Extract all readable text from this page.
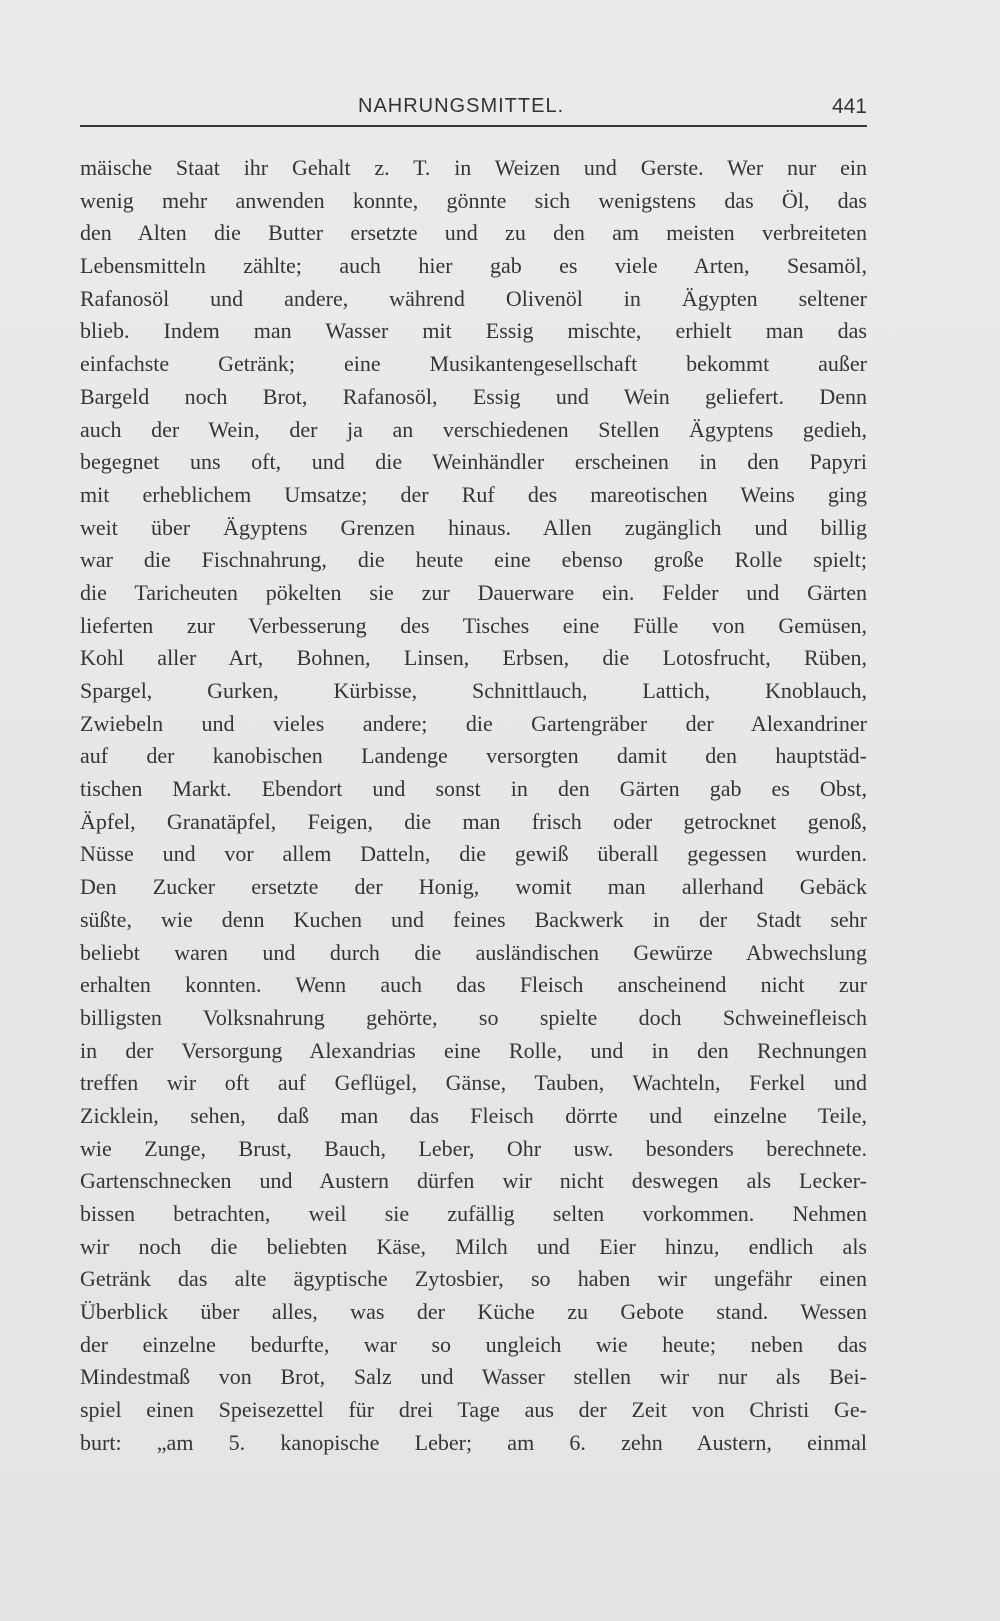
NAHRUNGSMITTEL.	441
mäische Staat ihr Gehalt z. T. in Weizen und Gerste. Wer nur ein
wenig mehr anwenden konnte, gönnte sich wenigstens das Öl, das
den Alten die Butter ersetzte und zu den am meisten verbreiteten
Lebensmitteln zählte; auch hier gab es viele Arten, Sesamöl,
Rafanosöl und andere, während Olivenöl in Ägypten seltener
blieb. Indem man Wasser mit Essig mischte, erhielt man das
einfachste Getränk; eine Musikantengesellschaft bekommt außer
Bargeld noch Brot, Rafanosöl, Essig und Wein geliefert. Denn
auch der Wein, der ja an verschiedenen Stellen Ägyptens gedieh,
begegnet uns oft, und die Weinhändler erscheinen in den Papyri
mit erheblichem Umsatze; der Ruf des mareotischen Weins ging
weit über Ägyptens Grenzen hinaus. Allen zugänglich und billig
war die Fischnahrung, die heute eine ebenso große Rolle spielt;
die Taricheuten pökelten sie zur Dauerware ein. Felder und Gärten
lieferten zur Verbesserung des Tisches eine Fülle von Gemüsen,
Kohl aller Art, Bohnen, Linsen, Erbsen, die Lotosfrucht, Rüben,
Spargel, Gurken, Kürbisse, Schnittlauch, Lattich, Knoblauch,
Zwiebeln und vieles andere; die Gartengräber der Alexandriner
auf der kanobischen Landenge versorgten damit den hauptstäd-
tischen Markt. Ebendort und sonst in den Gärten gab es Obst,
Äpfel, Granatäpfel, Feigen, die man frisch oder getrocknet genoß,
Nüsse und vor allem Datteln, die gewiß überall gegessen wurden.
Den Zucker ersetzte der Honig, womit man allerhand Gebäck
süßte, wie denn Kuchen und feines Backwerk in der Stadt sehr
beliebt waren und durch die ausländischen Gewürze Abwechslung
erhalten konnten. Wenn auch das Fleisch anscheinend nicht zur
billigsten Volksnahrung gehörte, so spielte doch Schweinefleisch
in der Versorgung Alexandrias eine Rolle, und in den Rechnungen
treffen wir oft auf Geflügel, Gänse, Tauben, Wachteln, Ferkel und
Zicklein, sehen, daß man das Fleisch dörrte und einzelne Teile,
wie Zunge, Brust, Bauch, Leber, Ohr usw. besonders berechnete.
Gartenschnecken und Austern dürfen wir nicht deswegen als Lecker-
bissen betrachten, weil sie zufällig selten vorkommen. Nehmen
wir noch die beliebten Käse, Milch und Eier hinzu, endlich als
Getränk das alte ägyptische Zytosbier, so haben wir ungefähr einen
Überblick über alles, was der Küche zu Gebote stand. Wessen
der einzelne bedurfte, war so ungleich wie heute; neben das
Mindestmaß von Brot, Salz und Wasser stellen wir nur als Bei-
spiel einen Speisezettel für drei Tage aus der Zeit von Christi Ge-
burt: „am 5. kanopische Leber; am 6. zehn Austern, einmal
